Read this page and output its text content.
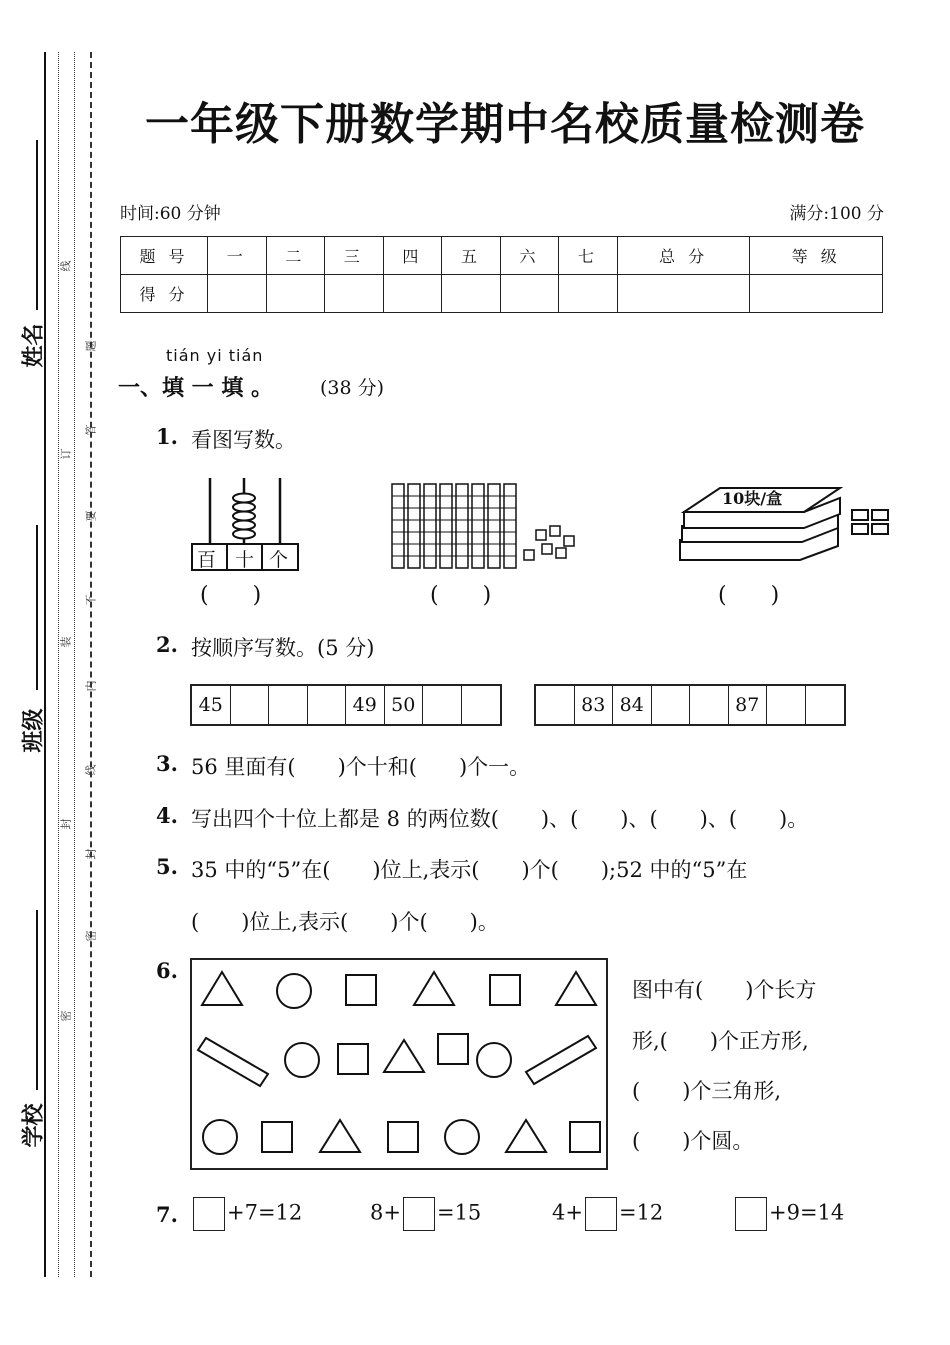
姓名
班级
学校
线
题
答
订
要
不
装
内
线
封
封
密
密
一年级下册数学期中名校质量检测卷
时间:60 分钟	满分:100 分
题 号	一	二	三	四	五	六	七	总 分	等 级
得 分									
tián yi tián
一、填 一 填 。 (38 分)
1. 看图写数。
百 十 个
(　　)	(　　)
10块/盒
(　　)
2. 按顺序写数。(5 分)
45	49 50	83 84	87
3. 56 里面有(　　)个十和(　　)个一。
4. 写出四个十位上都是 8 的两位数(　　)、(　　)、(　　)、(　　)。
5. 35 中的“5”在(　　)位上,表示(　　)个(　　);52 中的“5”在
(　　)位上,表示(　　)个(　　)。
6.
图中有(　　)个长方
形,(　　)个正方形,
(　　)个三角形,
(　　)个圆。
7.	+7=12	8+ =15	4+ =12	+9=14
